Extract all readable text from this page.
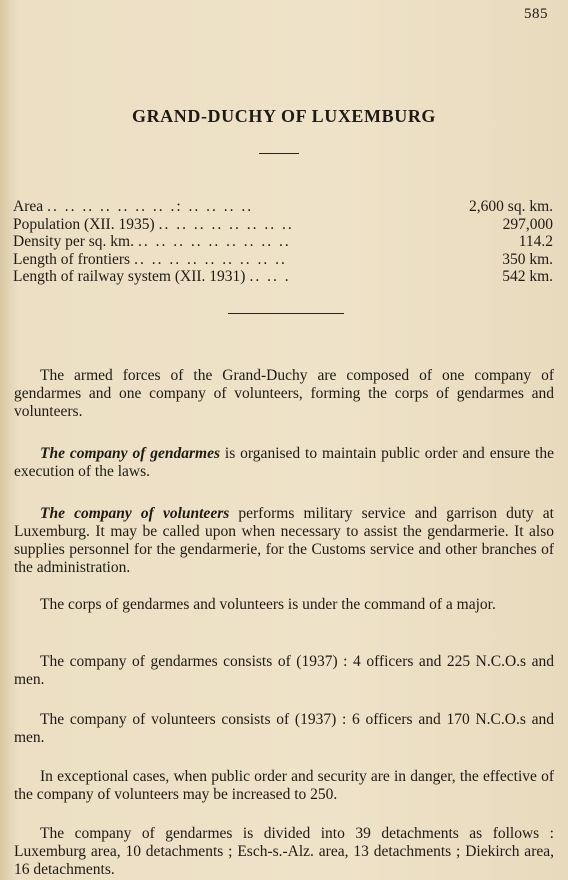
585
GRAND-DUCHY OF LUXEMBURG
Area .. .. .. .. .. .. .. .: .. .. .. ..	2,600 sq. km.
Population (XII. 1935) .. .. .. .. .. .. .. ..	297,000
Density per sq. km. .. .. .. .. .. .. .. .. ..	114.2
Length of frontiers .. .. .. .. .. .. .. .. ..	350 km.
Length of railway system (XII. 1931) .. .. .	542 km.

The armed forces of the Grand-Duchy are composed of one company of gendarmes and one company of volunteers, forming the corps of gendarmes and volunteers.

The company of gendarmes is organised to maintain public order and ensure the execution of the laws.

The company of volunteers performs military service and garrison duty at Luxemburg. It may be called upon when necessary to assist the gendarmerie. It also supplies personnel for the gendarmerie, for the Customs service and other branches of the administration.

The corps of gendarmes and volunteers is under the command of a major.

The company of gendarmes consists of (1937) : 4 officers and 225 N.C.O.s and men.

The company of volunteers consists of (1937) : 6 officers and 170 N.C.O.s and men.

In exceptional cases, when public order and security are in danger, the effective of the company of volunteers may be increased to 250.

The company of gendarmes is divided into 39 detachments as follows : Luxemburg area, 10 detachments ; Esch-s.-Alz. area, 13 detachments ; Diekirch area, 16 detachments.
